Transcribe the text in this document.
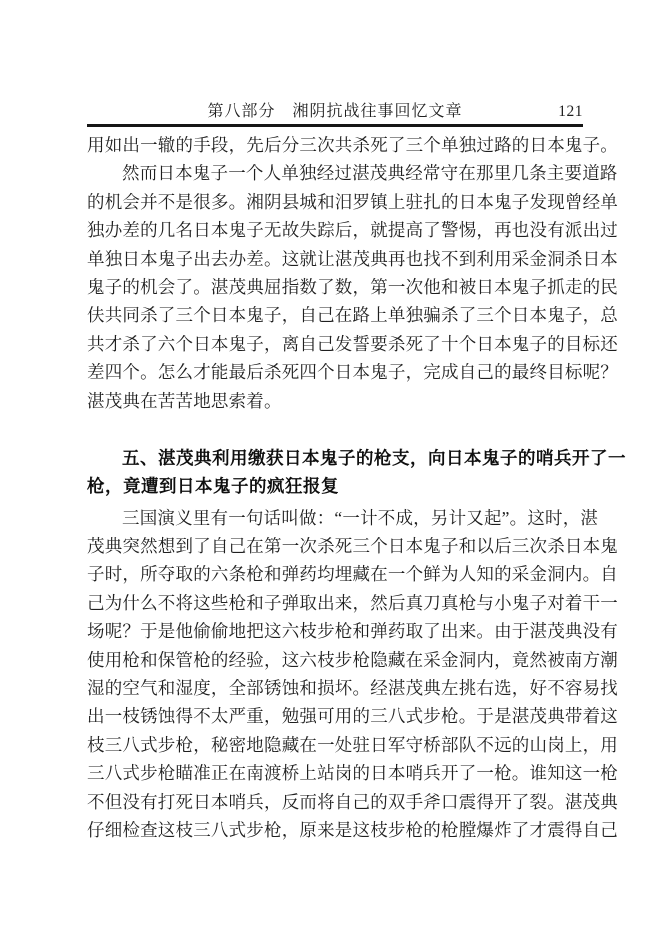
第八部分　湘阴抗战往事回忆文章	121
用如出一辙的手段，先后分三次共杀死了三个单独过路的日本鬼子。
然而日本鬼子一个人单独经过湛茂典经常守在那里几条主要道路
的机会并不是很多。湘阴县城和汨罗镇上驻扎的日本鬼子发现曾经单
独办差的几名日本鬼子无故失踪后，就提高了警惕，再也没有派出过
单独日本鬼子出去办差。这就让湛茂典再也找不到利用采金洞杀日本
鬼子的机会了。湛茂典屈指数了数，第一次他和被日本鬼子抓走的民
伕共同杀了三个日本鬼子，自己在路上单独骗杀了三个日本鬼子，总
共才杀了六个日本鬼子，离自己发誓要杀死了十个日本鬼子的目标还
差四个。怎么才能最后杀死四个日本鬼子，完成自己的最终目标呢？
湛茂典在苦苦地思索着。
五、湛茂典利用缴获日本鬼子的枪支，向日本鬼子的哨兵开了一
枪，竟遭到日本鬼子的疯狂报复
三国演义里有一句话叫做：“一计不成，另计又起”。这时，湛
茂典突然想到了自己在第一次杀死三个日本鬼子和以后三次杀日本鬼
子时，所夺取的六条枪和弹药均埋藏在一个鲜为人知的采金洞内。自
己为什么不将这些枪和子弹取出来，然后真刀真枪与小鬼子对着干一
场呢？于是他偷偷地把这六枝步枪和弹药取了出来。由于湛茂典没有
使用枪和保管枪的经验，这六枝步枪隐藏在采金洞内，竟然被南方潮
湿的空气和湿度，全部锈蚀和损坏。经湛茂典左挑右选，好不容易找
出一枝锈蚀得不太严重，勉强可用的三八式步枪。于是湛茂典带着这
枝三八式步枪，秘密地隐藏在一处驻日军守桥部队不远的山岗上，用
三八式步枪瞄准正在南渡桥上站岗的日本哨兵开了一枪。谁知这一枪
不但没有打死日本哨兵，反而将自己的双手斧口震得开了裂。湛茂典
仔细检查这枝三八式步枪，原来是这枝步枪的枪膛爆炸了才震得自己
